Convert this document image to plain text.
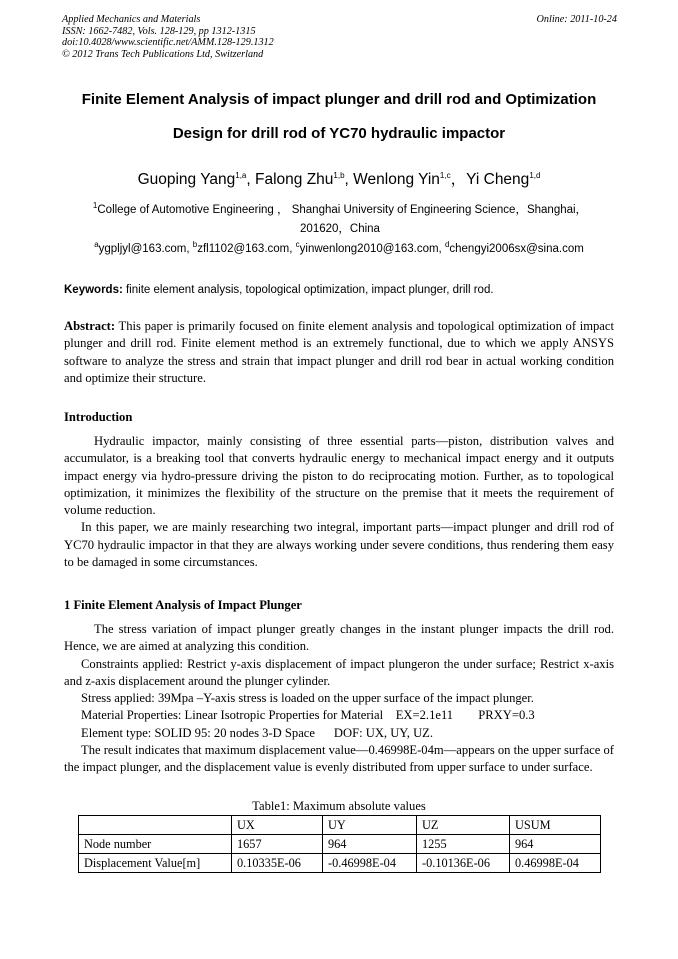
Applied Mechanics and Materials
ISSN: 1662-7482, Vols. 128-129, pp 1312-1315
doi:10.4028/www.scientific.net/AMM.128-129.1312
© 2012 Trans Tech Publications Ltd, Switzerland
Online: 2011-10-24
Finite Element Analysis of impact plunger and drill rod and Optimization
Design for drill rod of YC70 hydraulic impactor
Guoping Yang$^{1,a}$, Falong Zhu$^{1,b}$, Wenlong Yin$^{1,c}$，Yi Cheng$^{1,d}$
$^1$College of Automotive Engineering ， Shanghai University of Engineering Science，Shanghai，
201620，China
$^a$ygpljyl@163.com, $^b$zfl1102@163.com, $^c$yinwenlong2010@163.com, $^d$chengyi2006sx@sina.com
Keywords: finite element analysis, topological optimization, impact plunger, drill rod.

Abstract: This paper is primarily focused on finite element analysis and topological optimization of impact plunger and drill rod. Finite element method is an extremely functional, due to which we apply ANSYS software to analyze the stress and strain that impact plunger and drill rod bear in actual working condition and optimize their structure.

Introduction

Hydraulic impactor, mainly consisting of three essential parts—piston, distribution valves and accumulator, is a breaking tool that converts hydraulic energy to mechanical impact energy and it outputs impact energy via hydro-pressure driving the piston to do reciprocating motion. Further, as to topological optimization, it minimizes the flexibility of the structure on the premise that it meets the requirement of volume reduction.

In this paper, we are mainly researching two integral, important parts—impact plunger and drill rod of YC70 hydraulic impactor in that they are always working under severe conditions, thus rendering them easy to be damaged in some circumstances.

1 Finite Element Analysis of Impact Plunger

The stress variation of impact plunger greatly changes in the instant plunger impacts the drill rod. Hence, we are aimed at analyzing this condition.

Constraints applied: Restrict y-axis displacement of impact plungeron the under surface; Restrict x-axis and z-axis displacement around the plunger cylinder.

Stress applied: 39Mpa –Y-axis stress is loaded on the upper surface of the impact plunger.

Material Properties: Linear Isotropic Properties for Material    EX=2.1e11        PRXY=0.3

Element type: SOLID 95: 20 nodes 3-D Space      DOF: UX, UY, UZ.

The result indicates that maximum displacement value—0.46998E-04m—appears on the upper surface of the impact plunger, and the displacement value is evenly distributed from upper surface to under surface.

Table1: Maximum absolute values
	UX	UY	UZ	USUM
Node number	1657	964	1255	964
Displacement Value[m]	0.10335E-06	-0.46998E-04	-0.10136E-06	0.46998E-04
